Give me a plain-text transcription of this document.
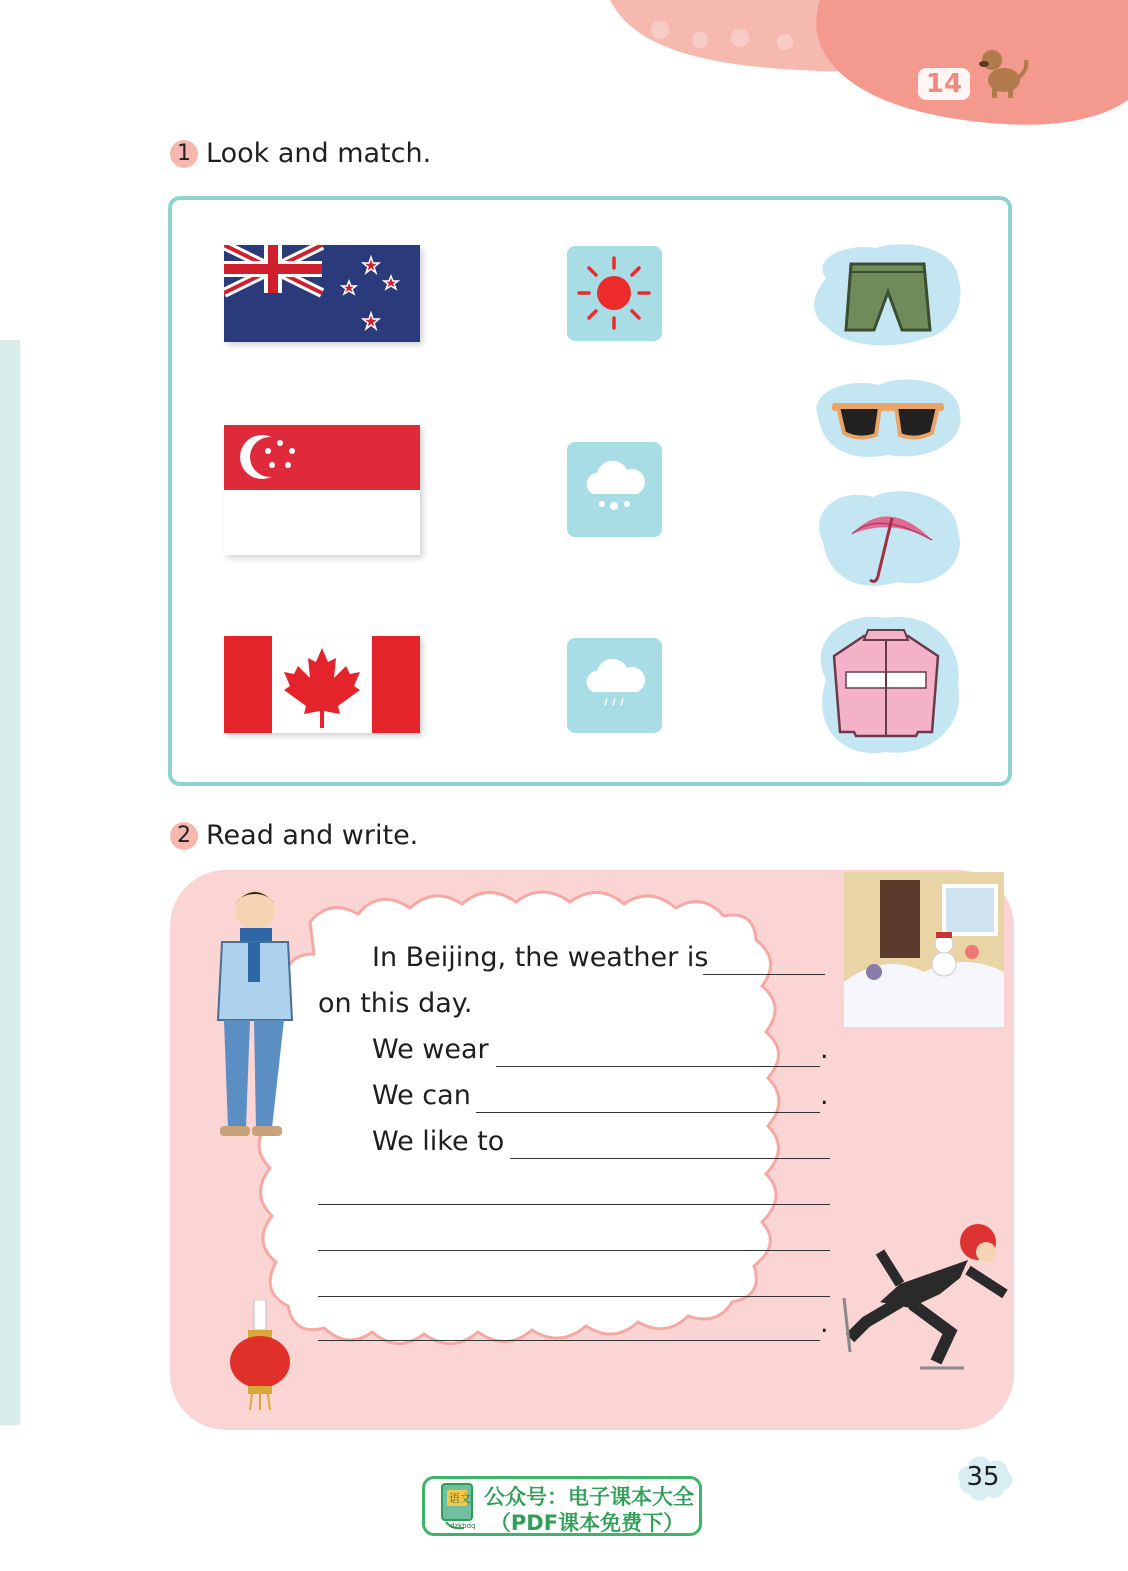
14
1 Look and match.
2 Read and write.
In Beijing, the weather is
on this day.
We wear	.
We can	.
We like to
.
35
语文
dzkbdq
公众号：电子课本大全
（PDF课本免费下）
